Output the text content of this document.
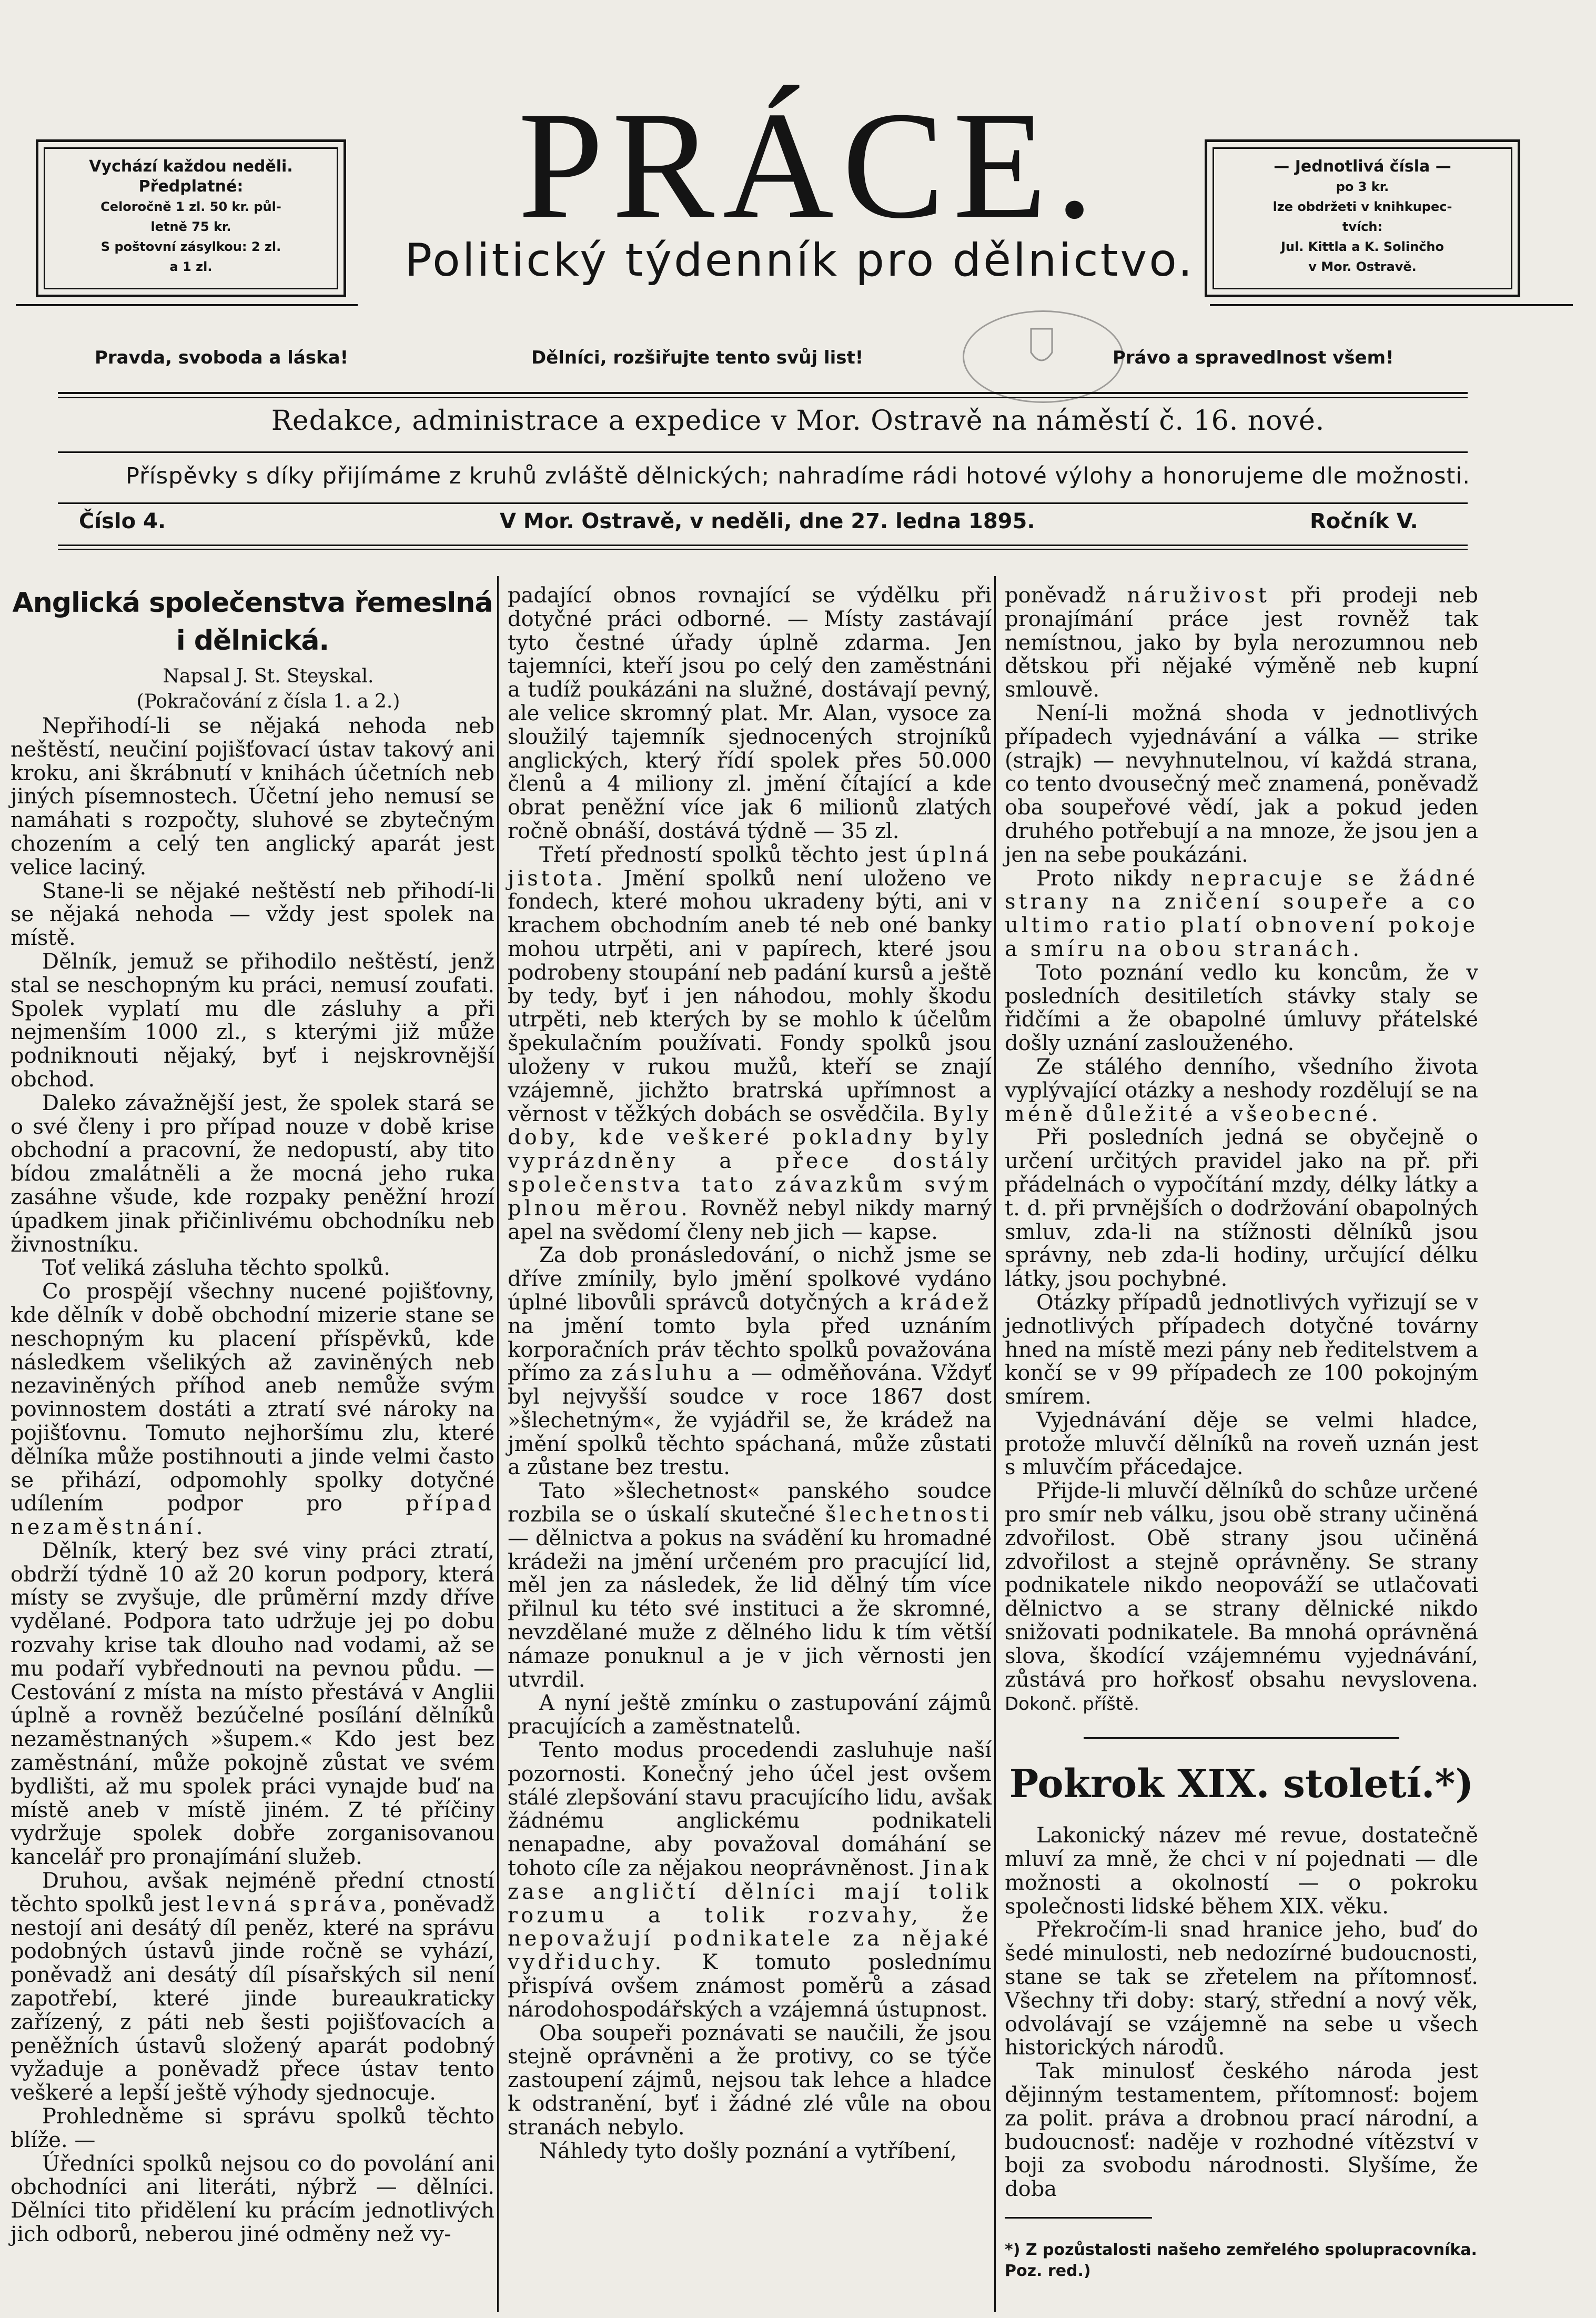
Vychází každou neděli.
Předplatné:
Celoročně 1 zl. 50 kr. půl-
letně 75 kr.
S poštovní zásylkou: 2 zl.
a 1 zl.
PRÁCE.
Politický týdenník pro dělnictvo.
— Jednotlivá čísla —
po 3 kr.
lze obdržeti v knihkupec-
tvích:
Jul. Kittla a K. Solinčho
v Mor. Ostravě.
Pravda, svoboda a láska!	Dělníci, rozšiřujte tento svůj list!	Právo a spravedlnost všem!
Redakce, administrace a expedice v Mor. Ostravě na náměstí č. 16. nové.
Příspěvky s díky přijímáme z kruhů zvláště dělnických; nahradíme rádi hotové výlohy a honorujeme dle možnosti.
Číslo 4.	V Mor. Ostravě, v neděli, dne 27. ledna 1895.	Ročník V.
Anglická společenstva řemeslná i dělnická.

Napsal J. St. Steyskal.

(Pokračování z čísla 1. a 2.)

Nepřihodí-li se nějaká nehoda neb neštěstí, neučiní pojišťovací ústav takový ani kroku, ani škrábnutí v knihách účetních neb jiných písemnostech. Účetní jeho nemusí se namáhati s rozpočty, sluhové se zbytečným chozením a celý ten anglický aparát jest velice laciný.

Stane-li se nějaké neštěstí neb přihodí-li se nějaká nehoda — vždy jest spolek na místě.

Dělník, jemuž se přihodilo neštěstí, jenž stal se neschopným ku práci, nemusí zoufati. Spolek vyplatí mu dle zásluhy a při nejmenším 1000 zl., s kterými již může podniknouti nějaký, byť i nejskrovnější obchod.

Daleko závažnější jest, že spolek stará se o své členy i pro případ nouze v době krise obchodní a pracovní, že nedopustí, aby tito bídou zmalátněli a že mocná jeho ruka zasáhne všude, kde rozpaky peněžní hrozí úpadkem jinak přičinlivému obchodníku neb živnostníku.

Toť veliká zásluha těchto spolků.

Co prospějí všechny nucené pojišťovny, kde dělník v době obchodní mizerie stane se neschopným ku placení příspěvků, kde následkem všelikých až zaviněných neb nezaviněných příhod aneb nemůže svým povinnostem dostáti a ztratí své nároky na pojišťovnu. Tomuto nejhoršímu zlu, které dělníka může postihnouti a jinde velmi často se přihází, odpomohly spolky dotyčné udílením podpor pro případ nezaměstnání.

Dělník, který bez své viny práci ztratí, obdrží týdně 10 až 20 korun podpory, která místy se zvyšuje, dle průměrní mzdy dříve vydělané. Podpora tato udržuje jej po dobu rozvahy krise tak dlouho nad vodami, až se mu podaří vybřednouti na pevnou půdu. — Cestování z místa na místo přestává v Anglii úplně a rovněž bezúčelné posílání dělníků nezaměstnaných »šupem.« Kdo jest bez zaměstnání, může pokojně zůstat ve svém bydlišti, až mu spolek práci vynajde buď na místě aneb v místě jiném. Z té příčiny vydržuje spolek dobře zorganisovanou kancelář pro pronajímání služeb.

Druhou, avšak nejméně přední ctností těchto spolků jest levná správa, poněvadž nestojí ani desátý díl peněz, které na správu podobných ústavů jinde ročně se vyhází, poněvadž ani desátý díl písařských sil není zapotřebí, které jinde bureaukraticky zařízený, z páti neb šesti pojišťovacích a peněžních ústavů složený aparát podobný vyžaduje a poněvadž přece ústav tento veškeré a lepší ještě výhody sjednocuje.

Prohledněme si správu spolků těchto blíže. —

Úředníci spolků nejsou co do povolání ani obchodníci ani literáti, nýbrž — dělníci. Dělníci tito přidělení ku prácím jednotlivých jich odborů, neberou jiné odměny než vy-

padající obnos rovnající se výdělku při dotyčné práci odborné. — Místy zastávají tyto čestné úřady úplně zdarma. Jen tajemníci, kteří jsou po celý den zaměstnáni a tudíž poukázáni na služné, dostávají pevný, ale velice skromný plat. Mr. Alan, vysoce za sloužilý tajemník sjednocených strojníků anglických, který řídí spolek přes 50.000 členů a 4 miliony zl. jmění čítající a kde obrat peněžní více jak 6 milionů zlatých ročně obnáší, dostává týdně — 35 zl.

Třetí předností spolků těchto jest úplná jistota. Jmění spolků není uloženo ve fondech, které mohou ukradeny býti, ani v krachem obchodním aneb té neb oné banky mohou utrpěti, ani v papírech, které jsou podrobeny stoupání neb padání kursů a ještě by tedy, byť i jen náhodou, mohly škodu utrpěti, neb kterých by se mohlo k účelům špekulačním používati. Fondy spolků jsou uloženy v rukou mužů, kteří se znají vzájemně, jichžto bratrská upřímnost a věrnost v těžkých dobách se osvědčila. Byly doby, kde veškeré pokladny byly vyprázdněny a přece dostály společenstva tato závazkům svým plnou měrou. Rovněž nebyl nikdy marný apel na svědomí členy neb jich — kapse.

Za dob pronásledování, o nichž jsme se dříve zmínily, bylo jmění spolkové vydáno úplné libovůli správců dotyčných a krádež na jmění tomto byla před uznáním korporačních práv těchto spolků považována přímo za zásluhu a — odměňována. Vždyť byl nejvyšší soudce v roce 1867 dost »šlechetným«, že vyjádřil se, že krádež na jmění spolků těchto spáchaná, může zůstati a zůstane bez trestu.

Tato »šlechetnost« panského soudce rozbila se o úskalí skutečné šlechetnosti — dělnictva a pokus na svádění ku hromadné krádeži na jmění určeném pro pracující lid, měl jen za následek, že lid dělný tím více přilnul ku této své instituci a že skromné, nevzdělané muže z dělného lidu k tím větší námaze ponuknul a je v jich věrnosti jen utvrdil.

A nyní ještě zmínku o zastupování zájmů pracujících a zaměstnatelů.

Tento modus procedendi zasluhuje naší pozornosti. Konečný jeho účel jest ovšem stálé zlepšování stavu pracujícího lidu, avšak žádnému anglickému podnikateli nenapadne, aby považoval domáhání se tohoto cíle za nějakou neoprávněnost. Jinak zase angličtí dělníci mají tolik rozumu a tolik rozvahy, že nepovažují podnikatele za nějaké vydřiduchy. K tomuto poslednímu přispívá ovšem známost poměrů a zásad národohospodářských a vzájemná ústupnost.

Oba soupeři poznávati se naučili, že jsou stejně oprávněni a že protivy, co se týče zastoupení zájmů, nejsou tak lehce a hladce k odstranění, byť i žádné zlé vůle na obou stranách nebylo.

Náhledy tyto došly poznání a vytříbení,

poněvadž náruživost při prodeji neb pronajímání práce jest rovněž tak nemístnou, jako by byla nerozumnou neb dětskou při nějaké výměně neb kupní smlouvě.

Není-li možná shoda v jednotlivých případech vyjednávání a válka — strike (strajk) — nevyhnutelnou, ví každá strana, co tento dvousečný meč znamená, poněvadž oba soupeřové vědí, jak a pokud jeden druhého potřebují a na mnoze, že jsou jen a jen na sebe poukázáni.

Proto nikdy nepracuje se žádné strany na zničení soupeře a co ultimo ratio platí obnovení pokoje a smíru na obou stranách.

Toto poznání vedlo ku koncům, že v posledních desitiletích stávky staly se řidčími a že obapolné úmluvy přátelské došly uznání zaslouženého.

Ze stálého denního, všedního života vyplývající otázky a neshody rozdělují se na méně důležité a všeobecné.

Při posledních jedná se obyčejně o určení určitých pravidel jako na př. při přádelnách o vypočítání mzdy, délky látky a t. d. při prvnějších o dodržování obapolných smluv, zda-li na stížnosti dělníků jsou správny, neb zda-li hodiny, určující délku látky, jsou pochybné.

Otázky případů jednotlivých vyřizují se v jednotlivých případech dotyčné továrny hned na místě mezi pány neb ředitelstvem a končí se v 99 případech ze 100 pokojným smírem.

Vyjednávání děje se velmi hladce, protože mluvčí dělníků na roveň uznán jest s mluvčím přácedajce.

Přijde-li mluvčí dělníků do schůze určené pro smír neb válku, jsou obě strany učiněná zdvořilost. Obě strany jsou učiněná zdvořilost a stejně oprávněny. Se strany podnikatele nikdo neopováží se utlačovati dělnictvo a se strany dělnické nikdo snižovati podnikatele. Ba mnohá oprávněná slova, škodící vzájemnému vyjednávání, zůstává pro hořkosť obsahu nevyslovena. Dokonč. příště.

Pokrok XIX. století.*)

Lakonický název mé revue, dostatečně mluví za mně, že chci v ní pojednati — dle možnosti a okolností — o pokroku společnosti lidské během XIX. věku.

Překročím-li snad hranice jeho, buď do šedé minulosti, neb nedozírné budoucnosti, stane se tak se zřetelem na přítomnosť. Všechny tři doby: starý, střední a nový věk, odvolávají se vzájemně na sebe u všech historických národů.

Tak minulosť českého národa jest dějinným testamentem, přítomnosť: bojem za polit. práva a drobnou prací národní, a budoucnosť: naděje v rozhodné vítězství v boji za svobodu národnosti. Slyšíme, že doba

*) Z pozůstalosti našeho zemřelého spolupracovníka. Poz. red.)
